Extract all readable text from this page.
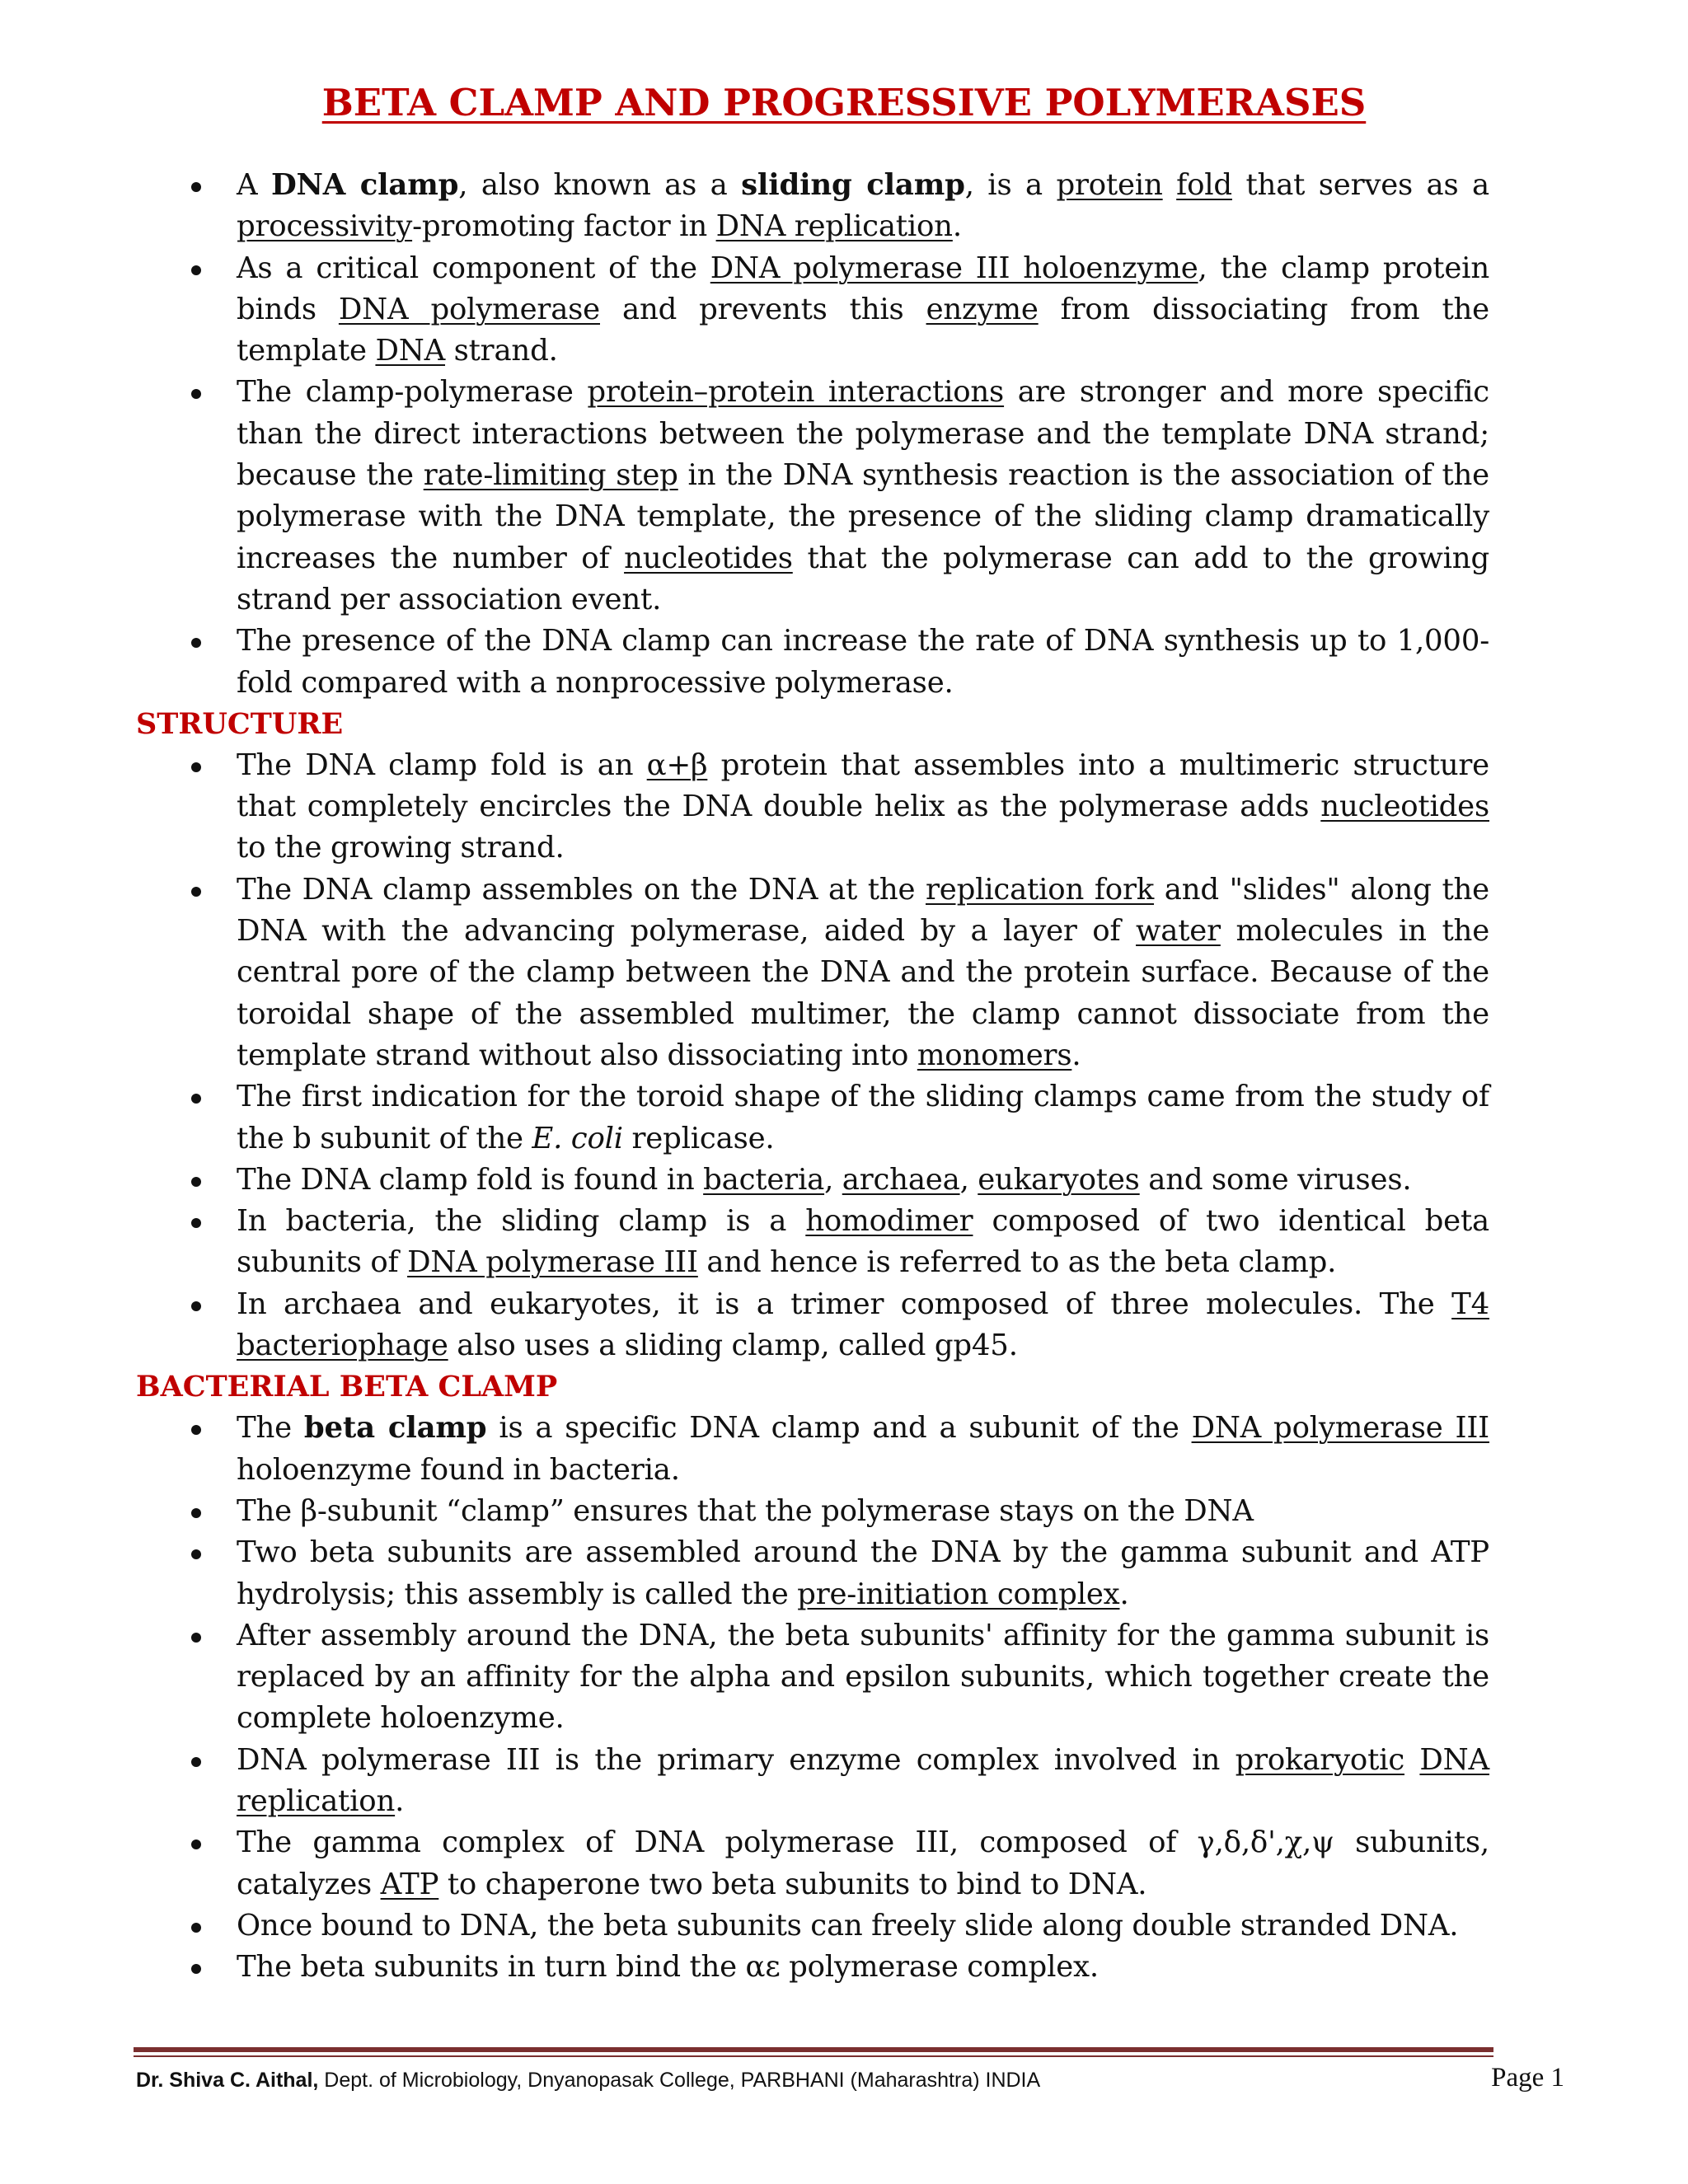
BETA CLAMP AND PROGRESSIVE POLYMERASES
A DNA clamp, also known as a sliding clamp, is a protein fold that serves as a processivity-promoting factor in DNA replication.
As a critical component of the DNA polymerase III holoenzyme, the clamp protein binds DNA polymerase and prevents this enzyme from dissociating from the template DNA strand.
The clamp-polymerase protein–protein interactions are stronger and more specific than the direct interactions between the polymerase and the template DNA strand; because the rate-limiting step in the DNA synthesis reaction is the association of the polymerase with the DNA template, the presence of the sliding clamp dramatically increases the number of nucleotides that the polymerase can add to the growing strand per association event.
The presence of the DNA clamp can increase the rate of DNA synthesis up to 1,000-fold compared with a nonprocessive polymerase.
STRUCTURE
The DNA clamp fold is an α+β protein that assembles into a multimeric structure that completely encircles the DNA double helix as the polymerase adds nucleotides to the growing strand.
The DNA clamp assembles on the DNA at the replication fork and "slides" along the DNA with the advancing polymerase, aided by a layer of water molecules in the central pore of the clamp between the DNA and the protein surface. Because of the toroidal shape of the assembled multimer, the clamp cannot dissociate from the template strand without also dissociating into monomers.
The first indication for the toroid shape of the sliding clamps came from the study of the b subunit of the E. coli replicase.
The DNA clamp fold is found in bacteria, archaea, eukaryotes and some viruses.
In bacteria, the sliding clamp is a homodimer composed of two identical beta subunits of DNA polymerase III and hence is referred to as the beta clamp.
In archaea and eukaryotes, it is a trimer composed of three molecules. The T4 bacteriophage also uses a sliding clamp, called gp45.
BACTERIAL BETA CLAMP
The beta clamp is a specific DNA clamp and a subunit of the DNA polymerase III holoenzyme found in bacteria.
The β-subunit “clamp” ensures that the polymerase stays on the DNA
Two beta subunits are assembled around the DNA by the gamma subunit and ATP hydrolysis; this assembly is called the pre-initiation complex.
After assembly around the DNA, the beta subunits' affinity for the gamma subunit is replaced by an affinity for the alpha and epsilon subunits, which together create the complete holoenzyme.
DNA polymerase III is the primary enzyme complex involved in prokaryotic DNA replication.
The gamma complex of DNA polymerase III, composed of γ,δ,δ',χ,ψ subunits, catalyzes ATP to chaperone two beta subunits to bind to DNA.
Once bound to DNA, the beta subunits can freely slide along double stranded DNA.
The beta subunits in turn bind the αε polymerase complex.
Dr. Shiva C. Aithal, Dept. of Microbiology, Dnyanopasak College, PARBHANI (Maharashtra) INDIA	Page 1
